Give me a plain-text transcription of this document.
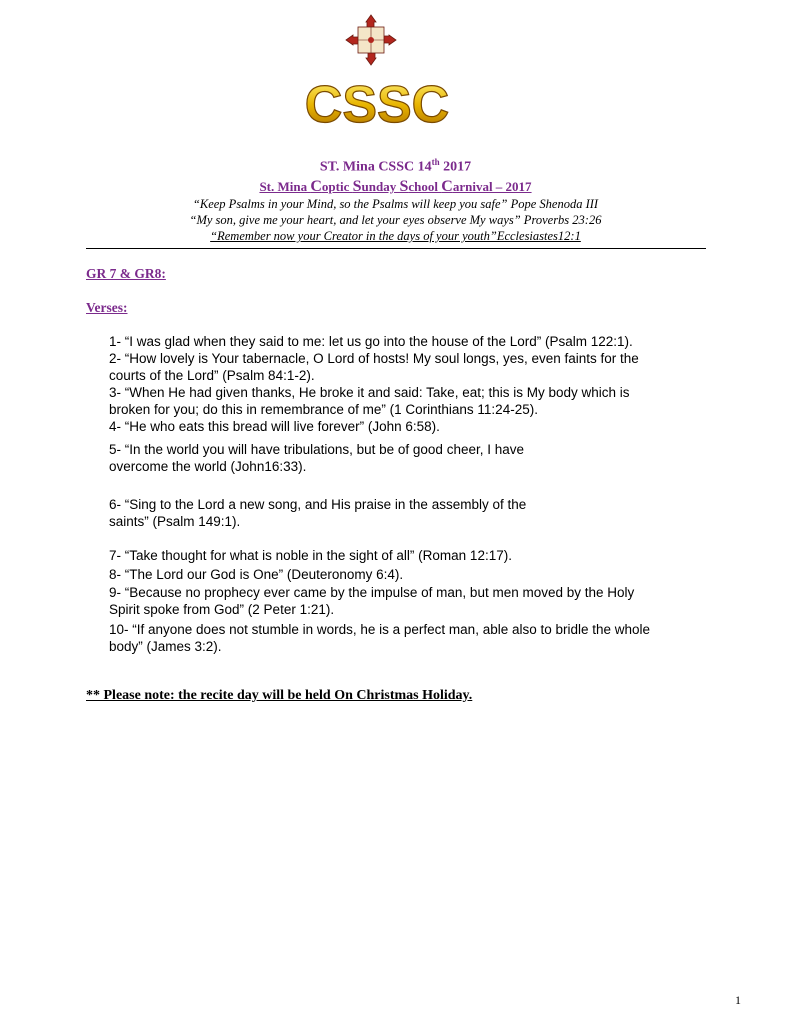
CSSC
ST. Mina CSSC 14th 2017
St. Mina Coptic Sunday School Carnival – 2017
“Keep Psalms in your Mind, so the Psalms will keep you safe” Pope Shenoda III
“My son, give me your heart, and let your eyes observe My ways” Proverbs 23:26
“Remember now your Creator in the days of your youth”Ecclesiastes12:1
GR 7 & GR8:
Verses:
1- “I was glad when they said to me: let us go into the house of the Lord” (Psalm 122:1).
2- “How lovely is Your tabernacle, O Lord of hosts! My soul longs, yes, even faints for the
courts of the Lord” (Psalm 84:1-2).
3- “When He had given thanks, He broke it and said: Take, eat; this is My body which is
broken for you; do this in remembrance of me” (1 Corinthians 11:24-25).
4- “He who eats this bread will live forever” (John 6:58).
5- “In the world you will have tribulations, but be of good cheer, I have
overcome the world (John16:33).
6- “Sing to the Lord a new song, and His praise in the assembly of the
saints” (Psalm 149:1).
7- “Take thought for what is noble in the sight of all” (Roman 12:17).
8- “The Lord our God is One” (Deuteronomy 6:4).
9- “Because no prophecy ever came by the impulse of man, but men moved by the Holy
Spirit spoke from God” (2 Peter 1:21).
10- “If anyone does not stumble in words, he is a perfect man, able also to bridle the whole
body” (James 3:2).
** Please note: the recite day will be held On Christmas Holiday.
1
